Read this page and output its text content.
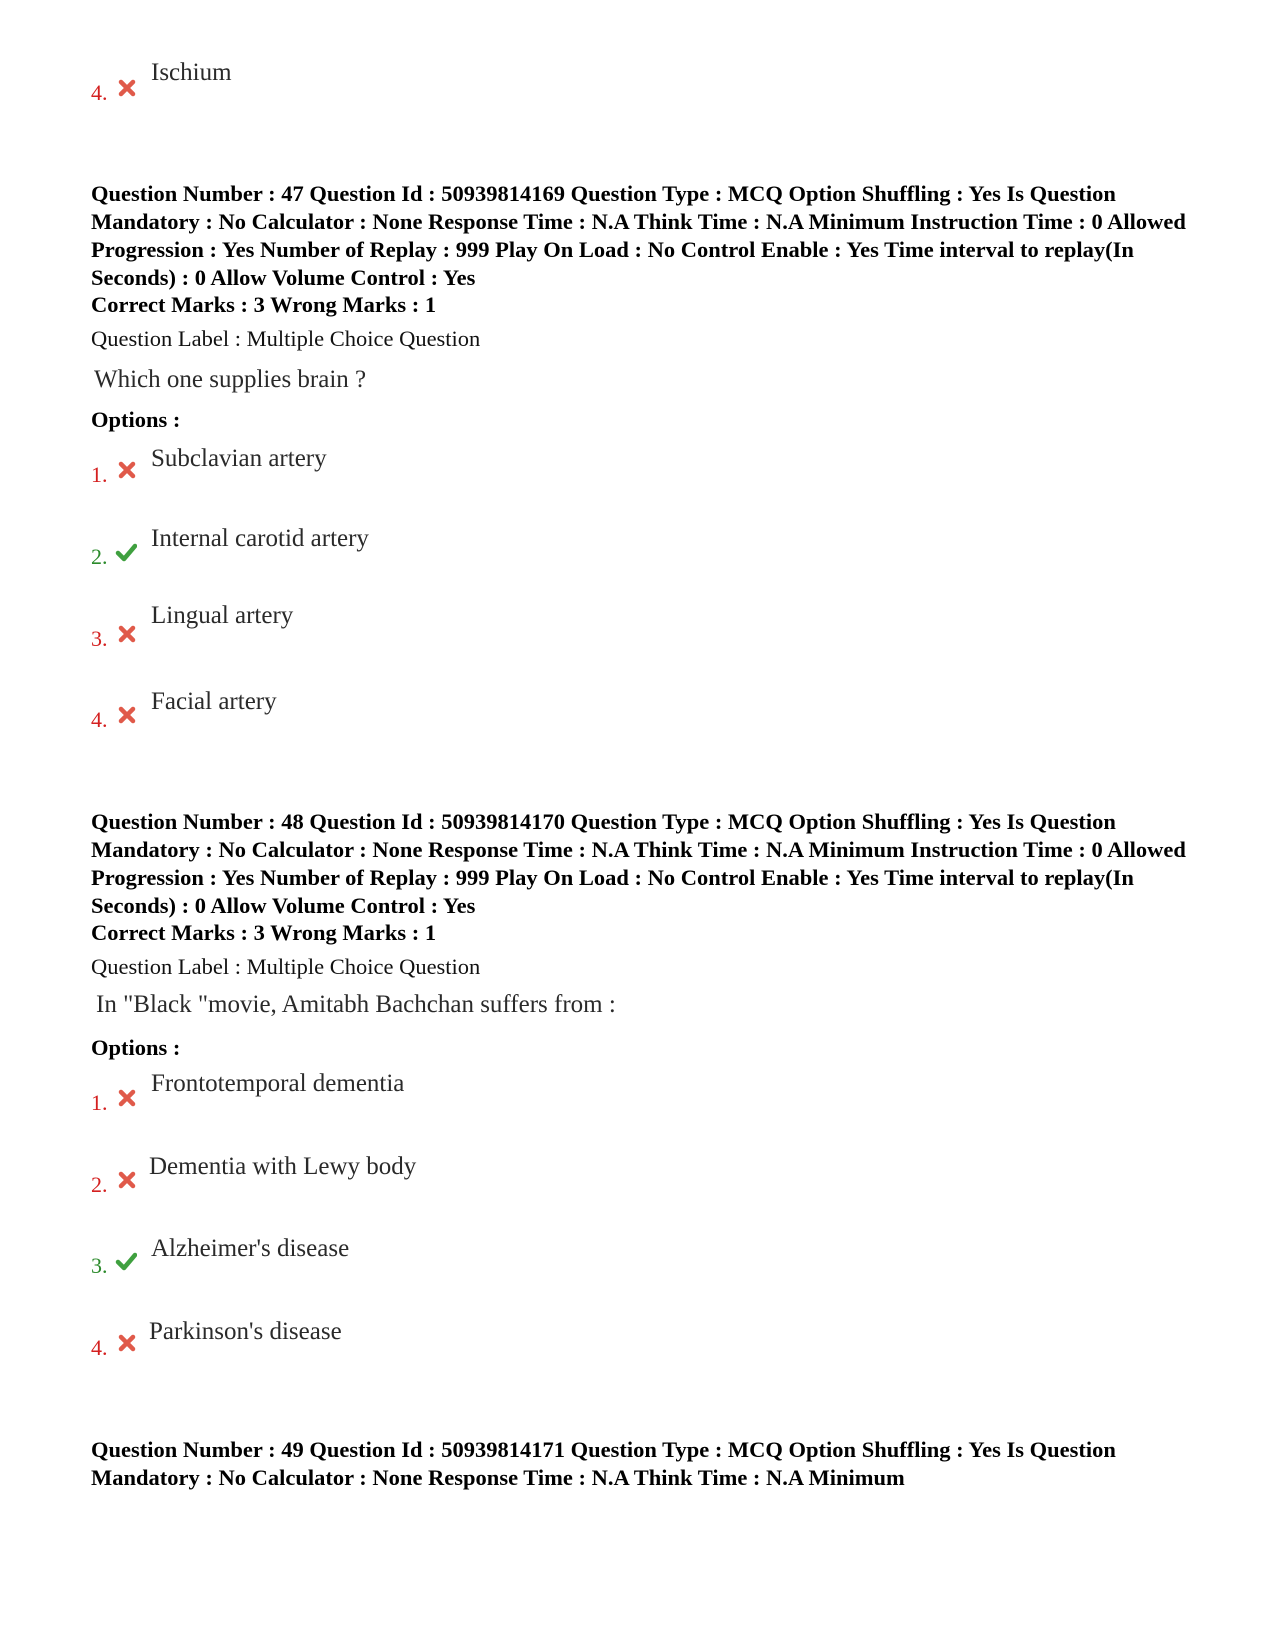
4.
Ischium
Question Number : 47 Question Id : 50939814169 Question Type : MCQ Option Shuffling : Yes Is Question Mandatory : No Calculator : None Response Time : N.A Think Time : N.A Minimum Instruction Time : 0 Allowed Progression : Yes Number of Replay : 999 Play On Load : No Control Enable : Yes Time interval to replay(In Seconds) : 0 Allow Volume Control : Yes
Correct Marks : 3 Wrong Marks : 1
Question Label : Multiple Choice Question
Which one supplies brain ?
Options :
1.
Subclavian artery
2.
Internal carotid artery
3.
Lingual artery
4.
Facial artery
Question Number : 48 Question Id : 50939814170 Question Type : MCQ Option Shuffling : Yes Is Question Mandatory : No Calculator : None Response Time : N.A Think Time : N.A Minimum Instruction Time : 0 Allowed Progression : Yes Number of Replay : 999 Play On Load : No Control Enable : Yes Time interval to replay(In Seconds) : 0 Allow Volume Control : Yes
Correct Marks : 3 Wrong Marks : 1
Question Label : Multiple Choice Question
In "Black "movie, Amitabh Bachchan suffers from :
Options :
1.
Frontotemporal dementia
2.
Dementia with Lewy body
3.
Alzheimer's disease
4.
Parkinson's disease
Question Number : 49 Question Id : 50939814171 Question Type : MCQ Option Shuffling : Yes Is Question Mandatory : No Calculator : None Response Time : N.A Think Time : N.A Minimum
